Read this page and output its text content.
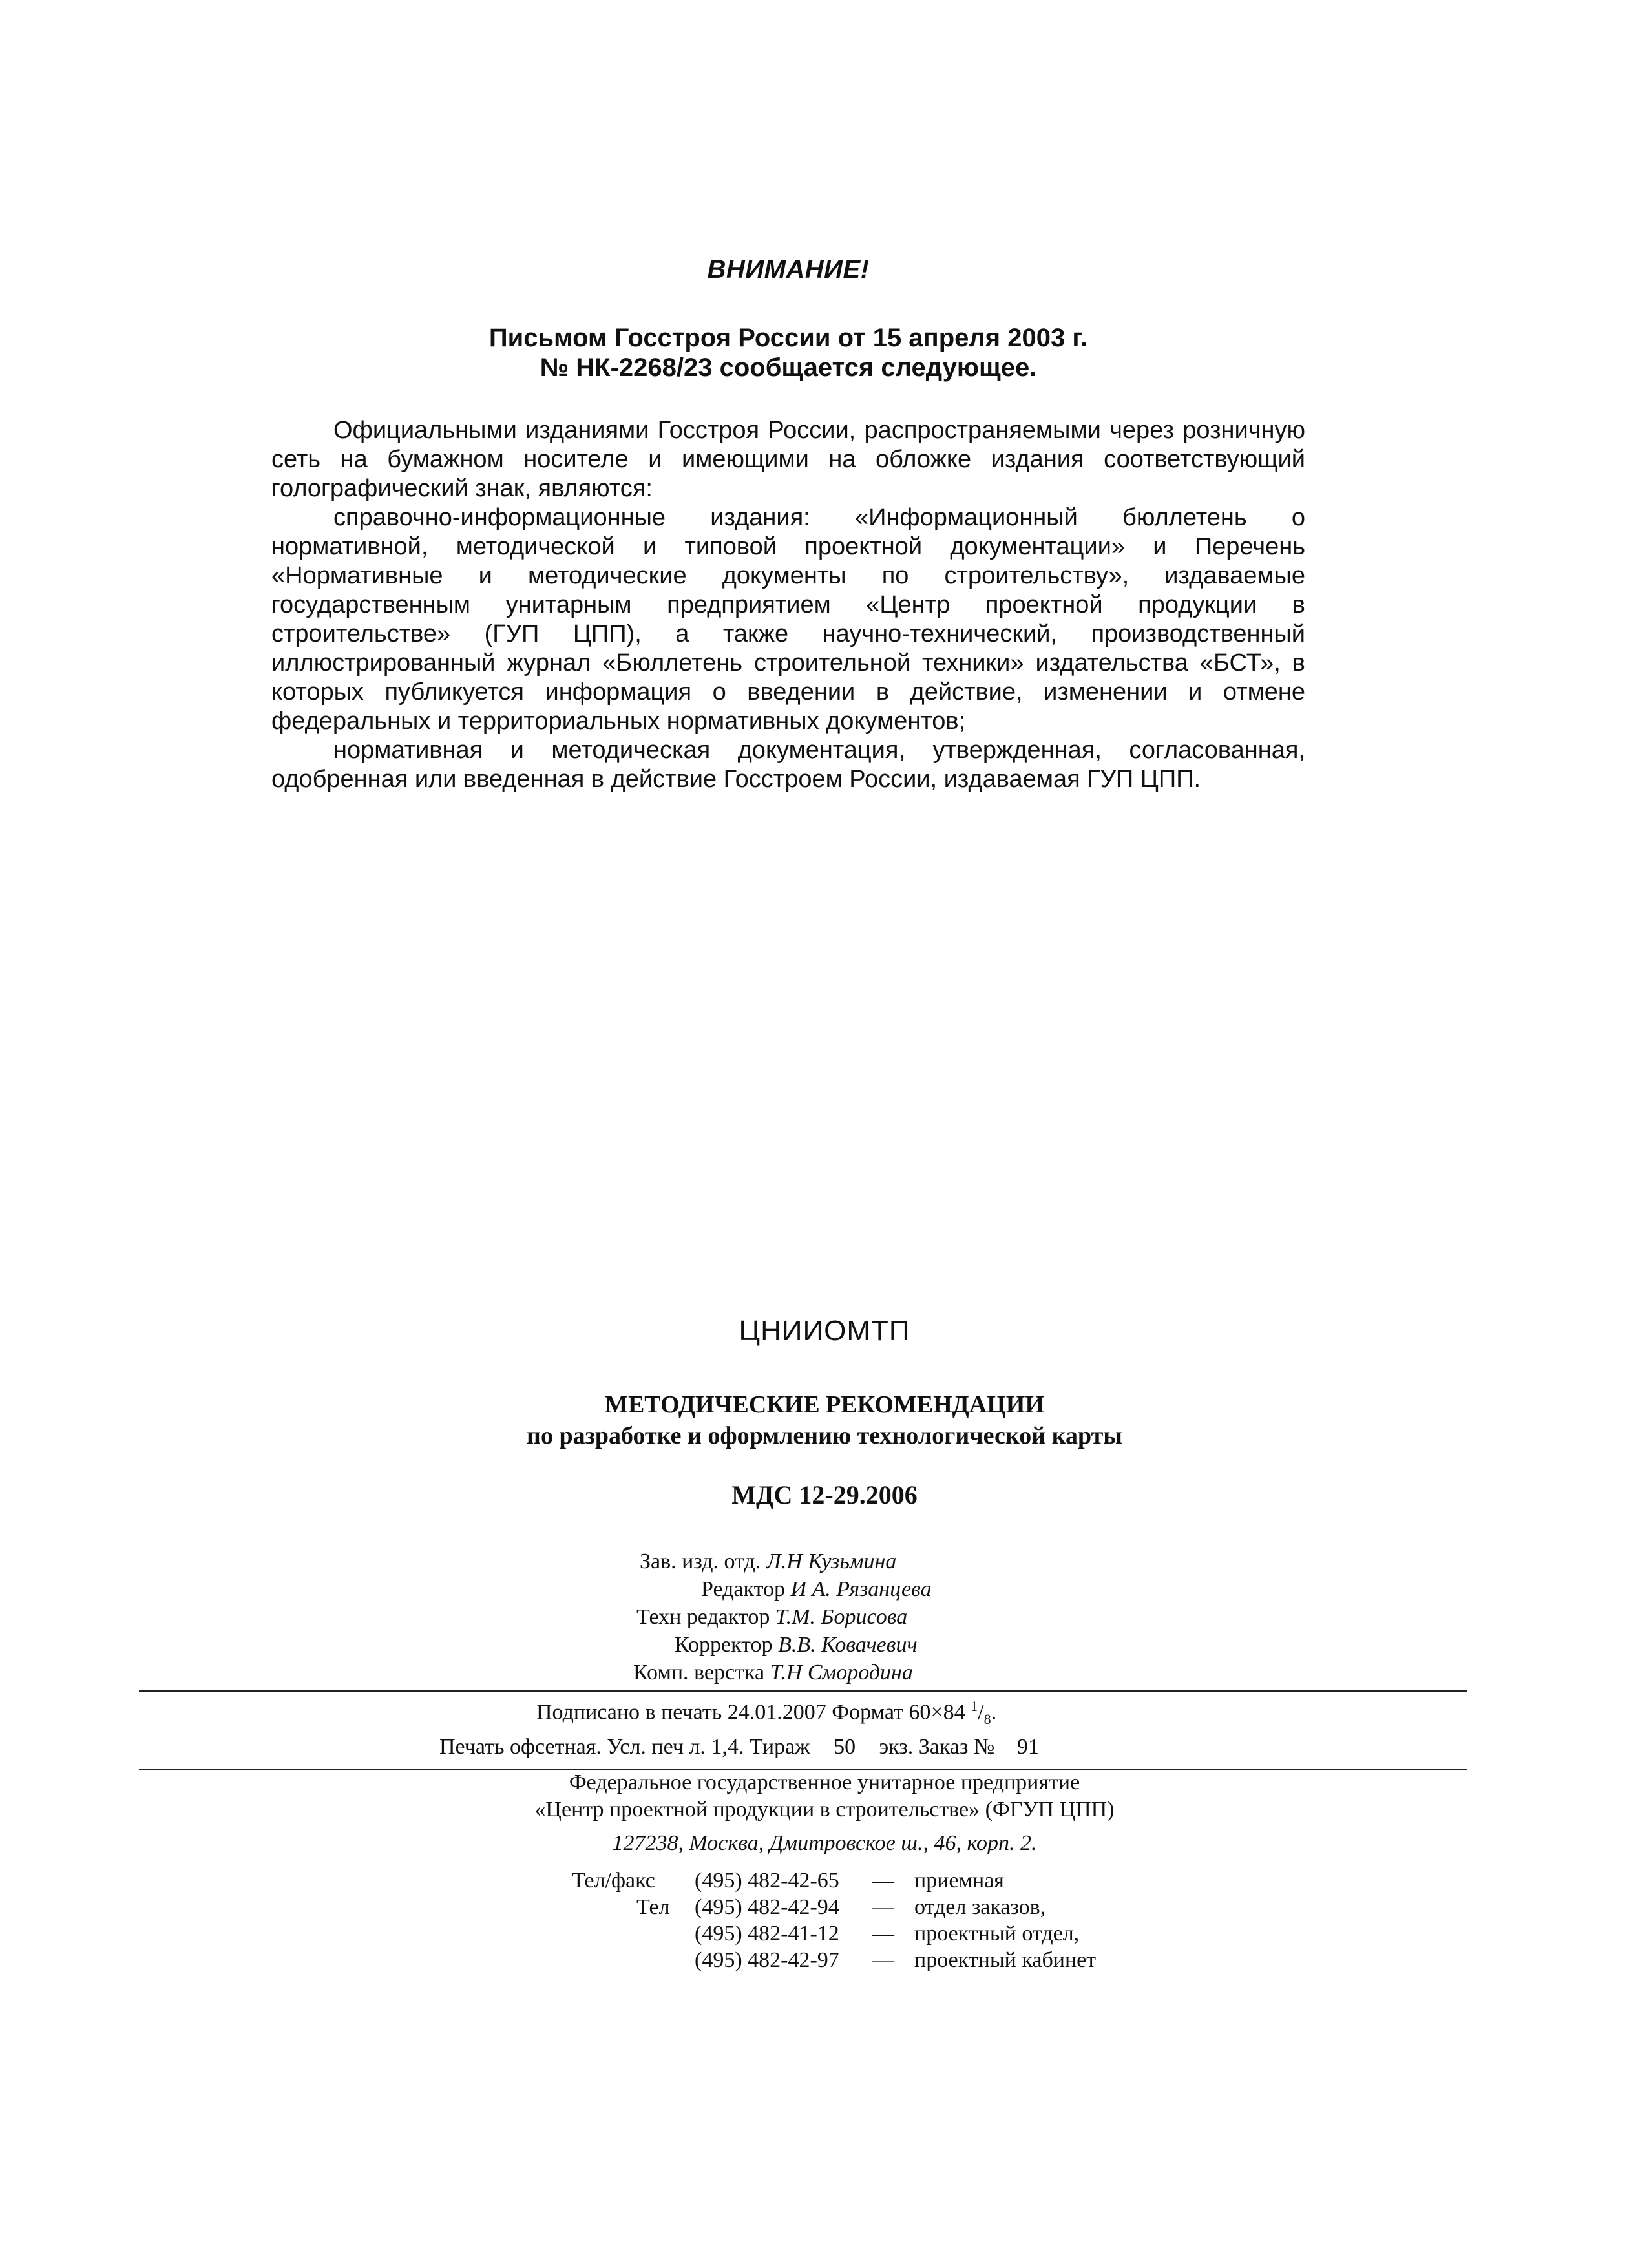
ВНИМАНИЕ!

Письмом Госстроя России от 15 апреля 2003 г.

№ НК-2268/23 сообщается следующее.

Официальными изданиями Госстроя России, распространяемыми через розничную сеть на бумажном носителе и имеющими на обложке издания соответствующий голографический знак, являются:

справочно-информационные издания: «Информационный бюллетень о нормативной, методической и типовой проектной документации» и Перечень «Нормативные и методические документы по строительству», издаваемые государственным унитарным предприятием «Центр проектной продукции в строительстве» (ГУП ЦПП), а также научно-технический, производственный иллюстрированный журнал «Бюллетень строительной техники» издательства «БСТ», в которых публикуется информация о введении в действие, изменении и отмене федеральных и территориальных нормативных документов;

нормативная и методическая документация, утвержденная, согласованная, одобренная или введенная в действие Госстроем России, издаваемая ГУП ЦПП.

ЦНИИОМТП
МЕТОДИЧЕСКИЕ РЕКОМЕНДАЦИИ
по разработке и оформлению технологической карты
МДС 12-29.2006
Зав. изд. отд. Л.Н Кузьмина
Редактор И А. Рязанцева
Техн редактор Т.М. Борисова
Корректор В.В. Ковачевич
Комп. верстка Т.Н Смородина
Подписано в печать 24.01.2007 Формат 60×84 $^1/_8$.
Печать офсетная. Усл. печ л. 1,4. Тираж 50 экз. Заказ № 91
Федеральное государственное унитарное предприятие
«Центр проектной продукции в строительстве» (ФГУП ЦПП)
127238, Москва, Дмитровское ш., 46, корп. 2.
Тел/факс (495) 482-42-65 — приемная
Тел (495) 482-42-94 — отдел заказов,
(495) 482-41-12 — проектный отдел,
(495) 482-42-97 — проектный кабинет
